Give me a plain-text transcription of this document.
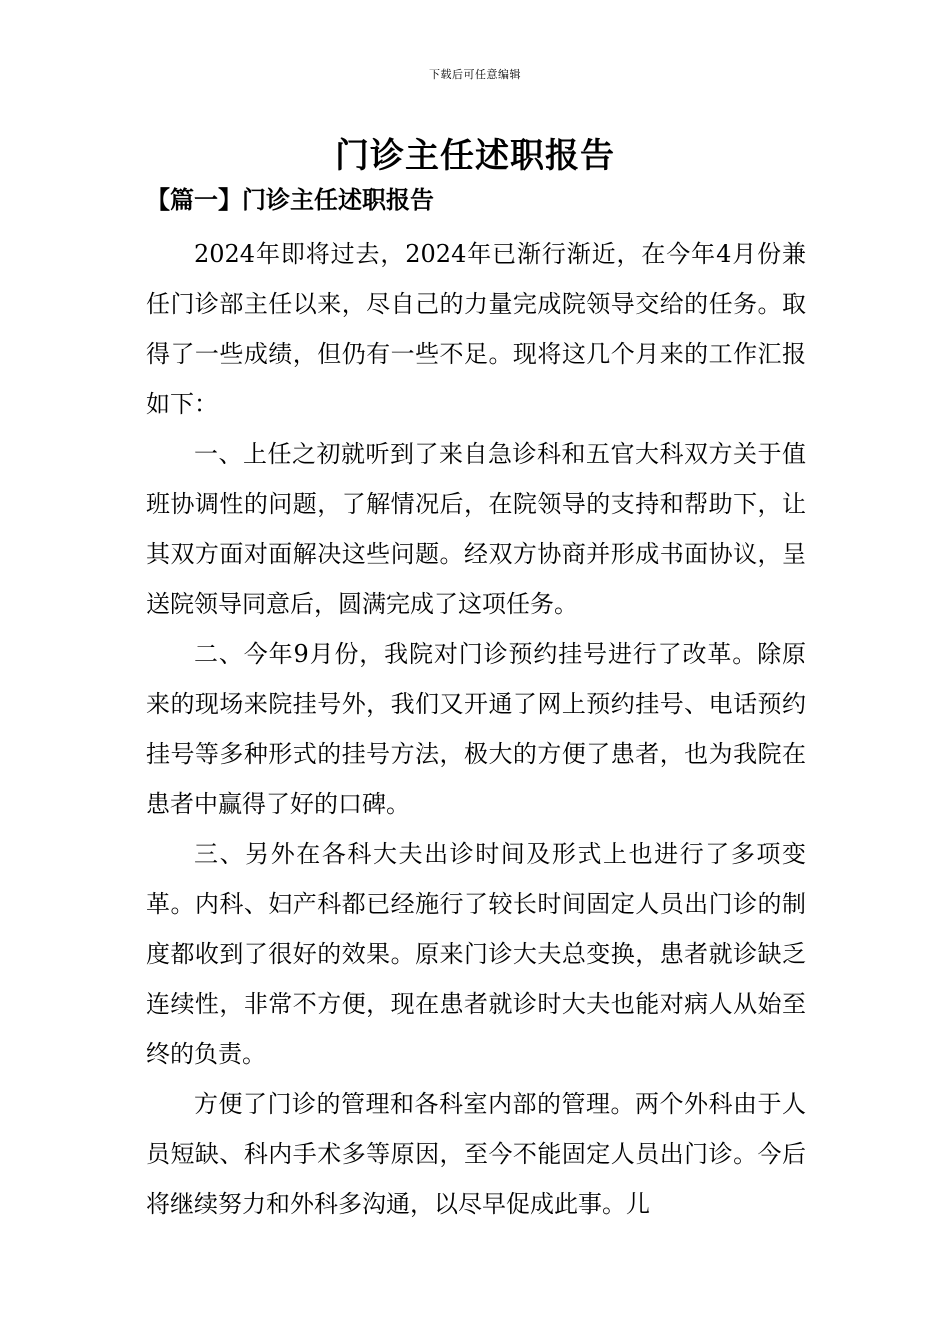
下载后可任意编辑
门诊主任述职报告
【篇一】门诊主任述职报告

2024年即将过去，2024年已渐行渐近，在今年4月份兼任门诊部主任以来，尽自己的力量完成院领导交给的任务。取得了一些成绩，但仍有一些不足。现将这几个月来的工作汇报如下：

一、上任之初就听到了来自急诊科和五官大科双方关于值班协调性的问题，了解情况后，在院领导的支持和帮助下，让其双方面对面解决这些问题。经双方协商并形成书面协议，呈送院领导同意后，圆满完成了这项任务。

二、今年9月份，我院对门诊预约挂号进行了改革。除原来的现场来院挂号外，我们又开通了网上预约挂号、电话预约挂号等多种形式的挂号方法，极大的方便了患者，也为我院在患者中赢得了好的口碑。

三、另外在各科大夫出诊时间及形式上也进行了多项变革。内科、妇产科都已经施行了较长时间固定人员出门诊的制度都收到了很好的效果。原来门诊大夫总变换，患者就诊缺乏连续性，非常不方便，现在患者就诊时大夫也能对病人从始至终的负责。

方便了门诊的管理和各科室内部的管理。两个外科由于人员短缺、科内手术多等原因，至今不能固定人员出门诊。今后将继续努力和外科多沟通，以尽早促成此事。儿
